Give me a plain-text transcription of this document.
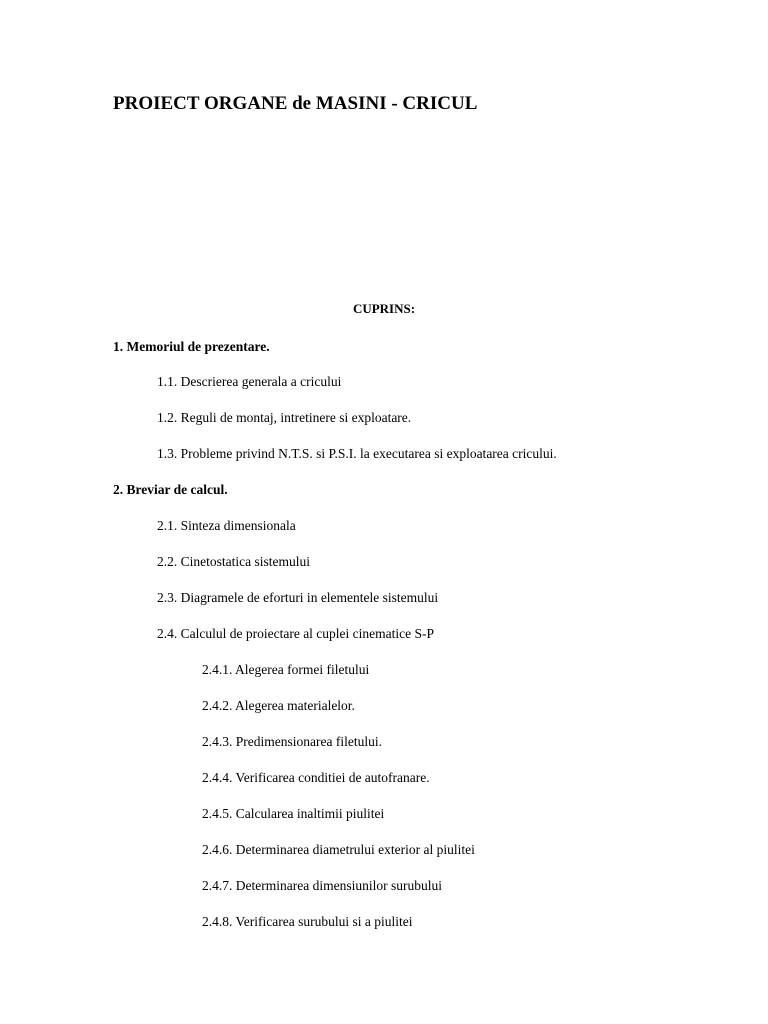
PROIECT ORGANE de MASINI - CRICUL
CUPRINS:
1. Memoriul de prezentare.
1.1. Descrierea generala a cricului
1.2. Reguli de montaj, intretinere si exploatare.
1.3. Probleme privind N.T.S. si P.S.I. la executarea si exploatarea cricului.
2. Breviar de calcul.
2.1. Sinteza dimensionala
2.2. Cinetostatica sistemului
2.3. Diagramele de eforturi in elementele sistemului
2.4. Calculul de proiectare al cuplei cinematice S-P
2.4.1. Alegerea formei filetului
2.4.2. Alegerea materialelor.
2.4.3. Predimensionarea filetului.
2.4.4. Verificarea conditiei de autofranare.
2.4.5. Calcularea inaltimii piulitei
2.4.6. Determinarea diametrului exterior al piulitei
2.4.7. Determinarea dimensiunilor surubului
2.4.8. Verificarea surubului si a piulitei
